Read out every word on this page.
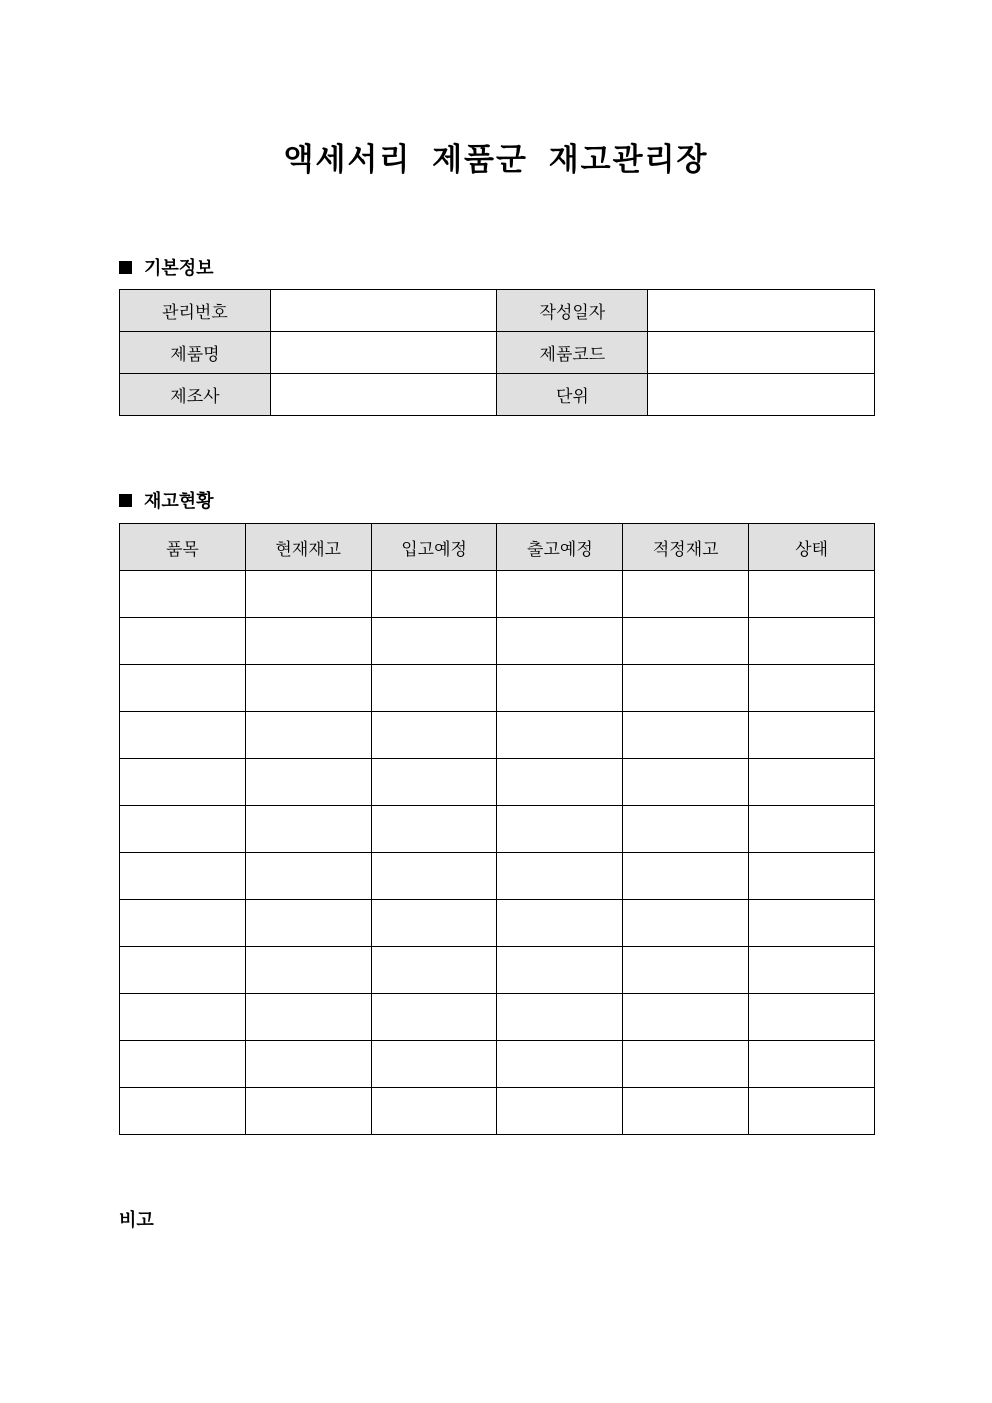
액세서리 제품군 재고관리장
기본정보
관리번호		작성일자	
제품명		제품코드	
제조사		단위	
재고현황
품목	현재재고	입고예정	출고예정	적정재고	상태

비고
